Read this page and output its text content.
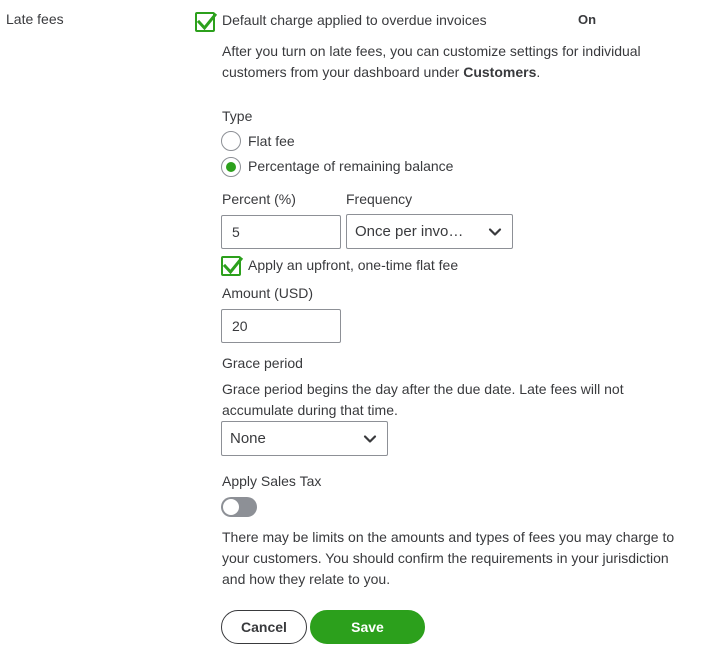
Late fees	Default charge applied to overdue invoices	On
After you turn on late fees, you can customize settings for individual customers from your dashboard under Customers.
Type
Flat fee
Percentage of remaining balance
Percent (%)	Frequency
5	Once per invo…
Apply an upfront, one-time flat fee
Amount (USD)
20
Grace period
Grace period begins the day after the due date. Late fees will not accumulate during that time.
None
Apply Sales Tax
There may be limits on the amounts and types of fees you may charge to your customers. You should confirm the requirements in your jurisdiction and how they relate to you.
Cancel	Save
